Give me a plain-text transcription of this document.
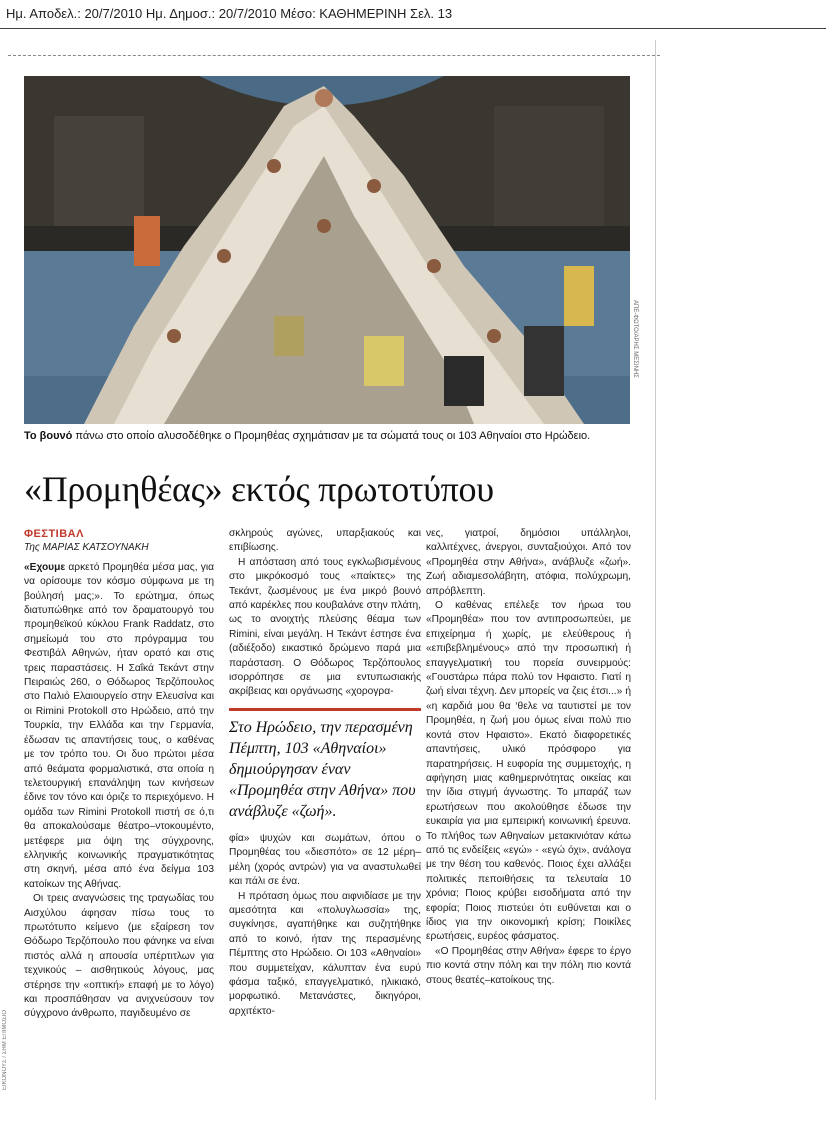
Ημ. Αποδελ.: 20/7/2010 Ημ. Δημοσ.: 20/7/2010 Μέσο: ΚΑΘΗΜΕΡΙΝΗ Σελ. 13
ΑΠΕ-ΦΩΤΟ/ΑΡΗΣ ΜΕΣΙΝΗΣ
Το βουνό πάνω στο οποίο αλυσοδέθηκε ο Προμηθέας σχημάτισαν με τα σώματά τους οι 103 Αθηναίοι στο Ηρώδειο.
«Προμηθέας» εκτός πρωτοτύπου

ΦΕΣΤΙΒΑΛ

Της ΜΑΡΙΑΣ ΚΑΤΣΟΥΝΑΚΗ

«Εχουμε αρκετό Προμηθέα μέσα μας, για να ορίσουμε τον κόσμο σύμφωνα με τη βούλησή μας;». Το ερώτημα, όπως διατυπώθηκε από τον δραματουργό του προμηθεϊκού κύκλου Frank Raddatz, στο σημείωμά του στο πρόγραμμα του Φεστιβάλ Αθηνών, ήταν ορατό και στις τρεις παραστάσεις. Η Σαΐκά Τεκάντ στην Πειραιώς 260, ο Θόδωρος Τερζόπουλος στο Παλιό Ελαιουργείο στην Ελευσίνα και οι Rimini Protokoll στο Ηρώδειο, από την Τουρκία, την Ελλάδα και την Γερμανία, έδωσαν τις απαντήσεις τους, ο καθένας με τον τρόπο του. Οι δυο πρώτοι μέσα από θεάματα φορμαλιστικά, στα οποία η τελετουργική επανάληψη των κινήσεων έδινε τον τόνο και όριζε το περιεχόμενο. Η ομάδα των Rimini Protokoll πιστή σε ό,τι θα αποκαλούσαμε θέατρο–ντοκουμέντο, μετέφερε μια όψη της σύγχρονης, ελληνικής κοινωνικής πραγματικότητας στη σκηνή, μέσα από ένα δείγμα 103 κατοίκων της Αθήνας.

Οι τρεις αναγνώσεις της τραγωδίας του Αισχύλου άφησαν πίσω τους το πρωτότυπο κείμενο (με εξαίρεση τον Θόδωρο Τερζόπουλο που φάνηκε να είναι πιστός αλλά η απουσία υπέρτιτλων για τεχνικούς – αισθητικούς λόγους, μας στέρησε την «οπτική» επαφή με το λόγο) και προσπάθησαν να ανιχνεύσουν τον σύγχρονο άνθρωπο, παγιδευμένο σε

σκληρούς αγώνες, υπαρξιακούς και επιβίωσης.

Η απόσταση από τους εγκλωβισμένους στο μικρόκοσμό τους «παίκτες» της Τεκάντ, ζωσμένους με ένα μικρό βουνό από καρέκλες που κουβαλάνε στην πλάτη, ως το ανοιχτής πλεύσης θέαμα των Rimini, είναι μεγάλη. Η Τεκάντ έστησε ένα (αδιέξοδο) εικαστικό δρώμενο παρά μια παράσταση. Ο Θόδωρος Τερζόπουλος ισορρόπησε σε μια εντυπωσιακής ακρίβειας και οργάνωσης «χορογρα-

Στο Ηρώδειο, την περασμένη Πέμπτη, 103 «Αθηναίοι» δημιούργησαν έναν «Προμηθέα στην Αθήνα» που ανάβλυζε «ζωή».

φία» ψυχών και σωμάτων, όπου ο Προμηθέας του «διεσπότο» σε 12 μέρη–μέλη (χορός αντρών) για να αναστυλωθεί και πάλι σε ένα.

Η πρόταση όμως που αιφνιδίασε με την αμεσότητα και «πολυγλωσσία» της, συγκίνησε, αγαπήθηκε και συζητήθηκε από το κοινό, ήταν της περασμένης Πέμπτης στο Ηρώδειο. Οι 103 «Αθηναίοι» που συμμετείχαν, κάλυπταν ένα ευρύ φάσμα ταξικό, επαγγελματικό, ηλικιακό, μορφωτικό. Μετανάστες, δικηγόροι, αρχιτέκτο-

νες, γιατροί, δημόσιοι υπάλληλοι, καλλιτέχνες, άνεργοι, συνταξιούχοι. Από τον «Προμηθέα στην Αθήνα», ανάβλυζε «ζωή». Ζωή αδιαμεσολάβητη, ατόφια, πολύχρωμη, απρόβλεπτη.

Ο καθένας επέλεξε τον ήρωα του «Προμηθέα» που τον αντιπροσωπεύει, με επιχείρημα ή χωρίς, με ελεύθερους ή «επιβεβλημένους» από την προσωπική ή επαγγελματική του πορεία συνειρμούς: «Γουστάρω πάρα πολύ τον Ηφαιστο. Γιατί η ζωή είναι τέχνη. Δεν μπορείς να ζεις έτσι...» ή «η καρδιά μου θα ‘θελε να ταυτιστεί με τον Προμηθέα, η ζωή μου όμως είναι πολύ πιο κοντά στον Ηφαιστο». Εκατό διαφορετικές απαντήσεις, υλικό πρόσφορο για παρατηρήσεις. Η ευφορία της συμμετοχής, η αφήγηση μιας καθημερινότητας οικείας και την ίδια στιγμή άγνωστης. Το μπαράζ των ερωτήσεων που ακολούθησε έδωσε την ευκαιρία για μια εμπειρική κοινωνική έρευνα. Το πλήθος των Αθηναίων μετακινιόταν κάτω από τις ενδείξεις «εγώ» - «εγώ όχι», ανάλογα με την θέση του καθενός. Ποιος έχει αλλάξει πολιτικές πεποιθήσεις τα τελευταία 10 χρόνια; Ποιος κρύβει εισοδήματα από την εφορία; Ποιος πιστεύει ότι ευθύνεται και ο ίδιος για την οικονομική κρίση; Ποικίλες ερωτήσεις, ευρέος φάσματος.

«Ο Προμηθέας στην Αθήνα» έφερε το έργο πιο κοντά στην πόλη και την πόλη πιο κοντά στους θεατές–κατοίκους της.

ΕΙΚΟΝΟΥΣ / ΣΗΜ ΕΠΙΜΟΣΙΟ
